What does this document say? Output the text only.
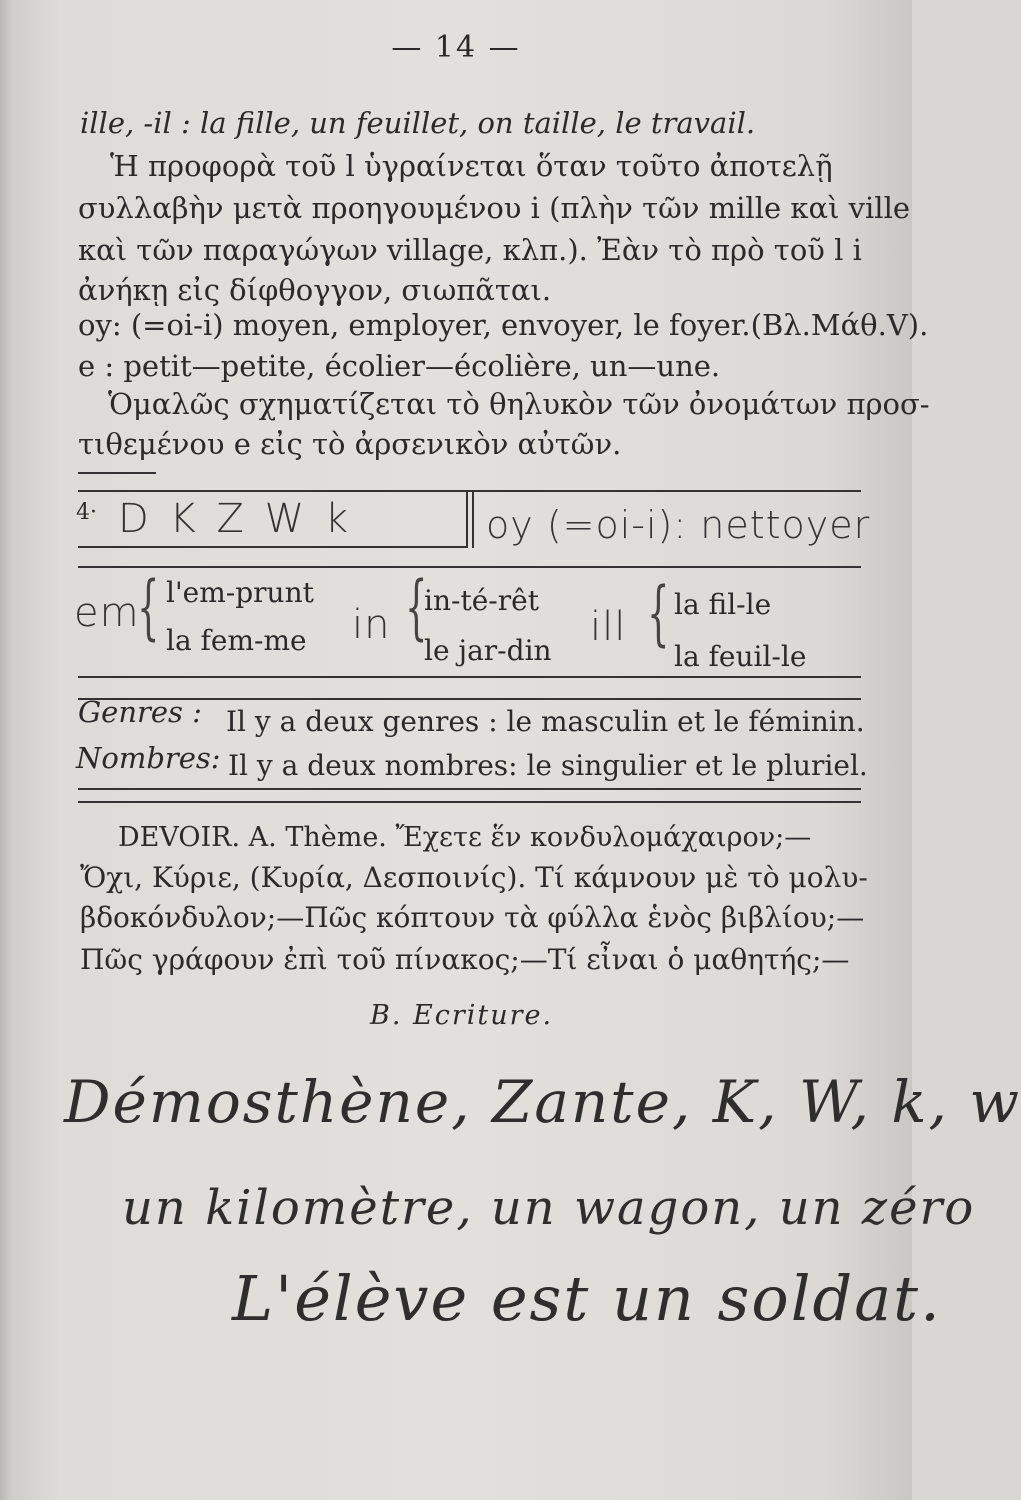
— 14 —
ille, -il : la fille, un feuillet, on taille, le travail.
Ἡ προφορὰ τοῦ l ὑγραίνεται ὅταν τοῦτο ἀποτελῇ
συλλαβὴν μετὰ προηγουμένου i (πλὴν τῶν mille καὶ ville
καὶ τῶν παραγώγων village, κλπ.). Ἐὰν τὸ πρὸ τοῦ l i
ἀνήκῃ εἰς δίφθογγον, σιωπᾶται.
oy: (=oi-i) moyen, employer, envoyer, le foyer.(Βλ.Μάθ.V).
e : petit—petite, écolier—écolière, un—une.
Ὁμαλῶς σχηματίζεται τὸ θηλυκὸν τῶν ὀνομάτων προσ-
τιθεμένου e εἰς τὸ ἀρσενικὸν αὐτῶν.
4· D K Z W k	oy (=oi-i): nettoyer
em
{ l'em-prunt
la fem-me in {
in-té-rêt
le jar-din
ill { la fil-le
la feuil-le
Genres : Il y a deux genres : le masculin et le féminin.
Nombres: Il y a deux nombres: le singulier et le pluriel.
DEVOIR. A. Thème. Ἔχετε ἕν κονδυλομάχαιρον;—
Ὄχι, Κύριε, (Κυρία, Δεσποινίς). Τί κάμνουν μὲ τὸ μολυ-
βδοκόνδυλον;—Πῶς κόπτουν τὰ φύλλα ἑνὸς βιβλίου;—
Πῶς γράφουν ἐπὶ τοῦ πίνακος;—Τί εἶναι ὁ μαθητής;—
B. Ecriture.
Démosthène, Zante, K, W, k, w
un kilomètre, un wagon, un zéro
L'élève est un soldat.
